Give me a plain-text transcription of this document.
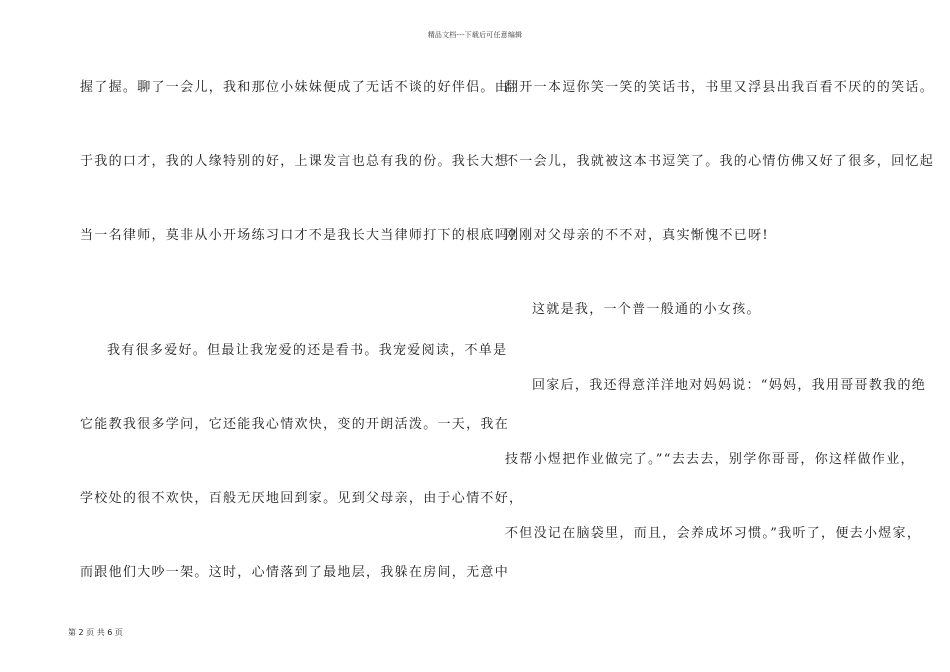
精品文档---下载后可任意编辑
握了握。聊了一会儿，我和那位小妹妹便成了无话不谈的好伴侣。由
于我的口才，我的人缘特别的好，上课发言也总有我的份。我长大想
当一名律师，莫非从小开场练习口才不是我长大当律师打下的根底吗?
我有很多爱好。但最让我宠爱的还是看书。我宠爱阅读，不单是
它能教我很多学问，它还能我心情欢快，变的开朗活泼。一天，我在
学校处的很不欢快，百般无厌地回到家。见到父母亲，由于心情不好，
而跟他们大吵一架。这时，心情落到了最地层，我躲在房间，无意中
翻开一本逗你笑一笑的笑话书，书里又浮县出我百看不厌的的笑话。
不一会儿，我就被这本书逗笑了。我的心情仿佛又好了很多，回忆起
刚刚对父母亲的不不对，真实惭愧不已呀!
这就是我，一个普一般通的小女孩。
回家后，我还得意洋洋地对妈妈说：“妈妈，我用哥哥教我的绝
技帮小煜把作业做完了。”“去去去，别学你哥哥，你这样做作业，
不但没记在脑袋里，而且，会养成坏习惯。”我听了，便去小煜家，
第 2 页 共 6 页
